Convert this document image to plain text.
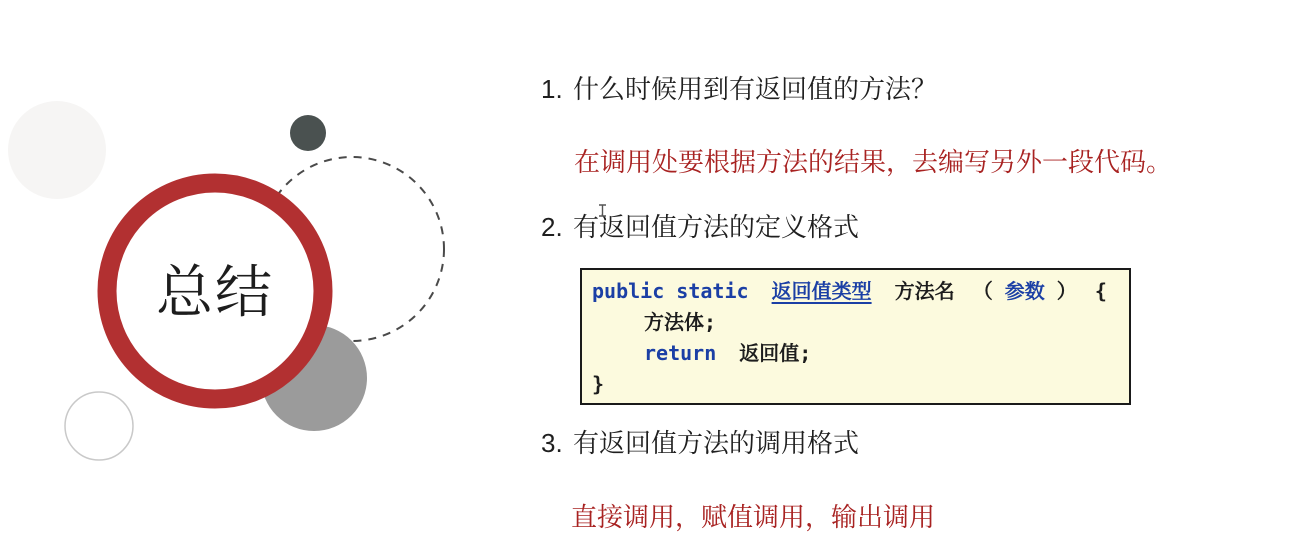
总结
1. 什么时候用到有返回值的方法？
在调用处要根据方法的结果，去编写另外一段代码。
2. 有返回值方法的定义格式
public static 返回值类型 方法名 （ 参数 ） {
方法体;
return 返回值;
}
3. 有返回值方法的调用格式
直接调用，赋值调用，输出调用
